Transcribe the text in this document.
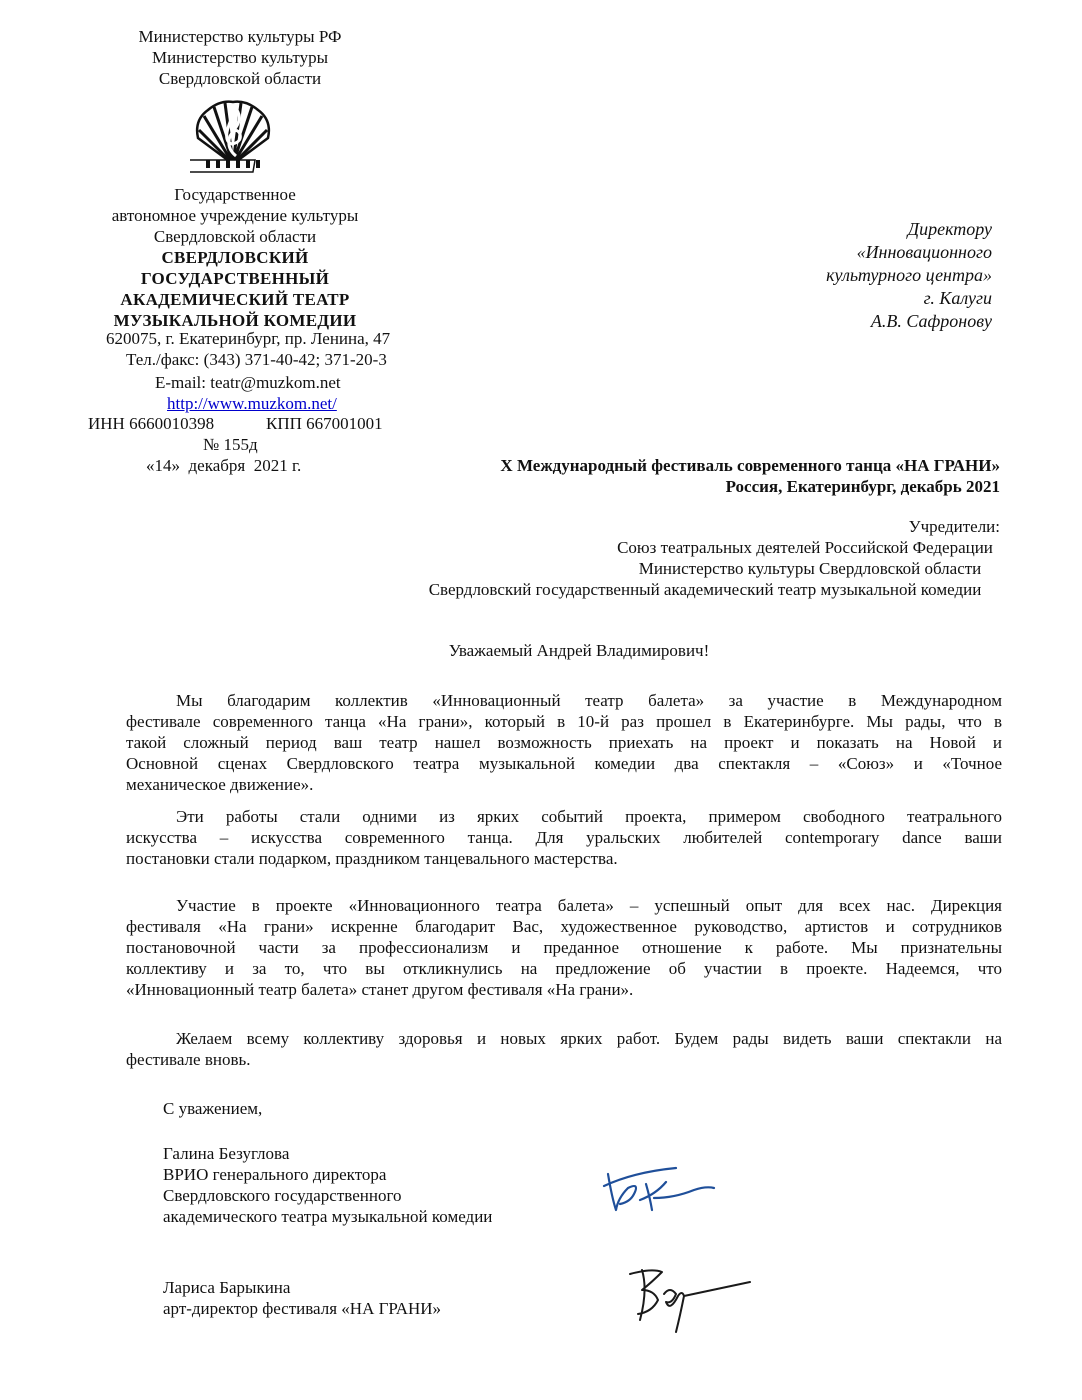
Министерство культуры РФ
Министерство культуры
Свердловской области
Государственное
автономное учреждение культуры
Свердловской области
СВЕРДЛОВСКИЙ
ГОСУДАРСТВЕННЫЙ
АКАДЕМИЧЕСКИЙ ТЕАТР
МУЗЫКАЛЬНОЙ КОМЕДИИ
620075, г. Екатеринбург, пр. Ленина, 47
Тел./факс: (343) 371-40-42; 371-20-3
E-mail: teatr@muzkom.net
http://www.muzkom.net/
ИНН 6660010398	КПП 667001001
№ 155д
«14»  декабря  2021 г.
Директору
«Инновационного
культурного центра»
г. Калуги
А.В. Сафронову
X Международный фестиваль современного танца «НА ГРАНИ»
Россия, Екатеринбург, декабрь 2021
Учредители:
Союз театральных деятелей Российской Федерации
Министерство культуры Свердловской области
Свердловский государственный академический театр музыкальной комедии
Уважаемый Андрей Владимирович!
Мы благодарим коллектив «Инновационный театр балета» за участие в Международном
фестивале современного танца «На грани», который в 10-й раз прошел в Екатеринбурге. Мы рады, что в
такой сложный период ваш театр нашел возможность приехать на проект и показать на Новой и
Основной сценах Свердловского театра музыкальной комедии два спектакля – «Союз» и «Точное
механическое движение».
Эти работы стали одними из ярких событий проекта, примером свободного театрального
искусства – искусства современного танца. Для уральских любителей contemporary dance ваши
постановки стали подарком, праздником танцевального мастерства.
Участие в проекте «Инновационного театра балета» – успешный опыт для всех нас. Дирекция
фестиваля «На грани» искренне благодарит Вас, художественное руководство, артистов и сотрудников
постановочной части за профессионализм и преданное отношение к работе. Мы признательны
коллективу и за то, что вы откликнулись на предложение об участии в проекте. Надеемся, что
«Инновационный театр балета» станет другом фестиваля «На грани».
Желаем всему коллективу здоровья и новых ярких работ. Будем рады видеть ваши спектакли на
фестивале вновь.
С уважением,
Галина Безуглова
ВРИО генерального директора
Свердловского государственного
академического театра музыкальной комедии
Лариса Барыкина
арт-директор фестиваля «НА ГРАНИ»
